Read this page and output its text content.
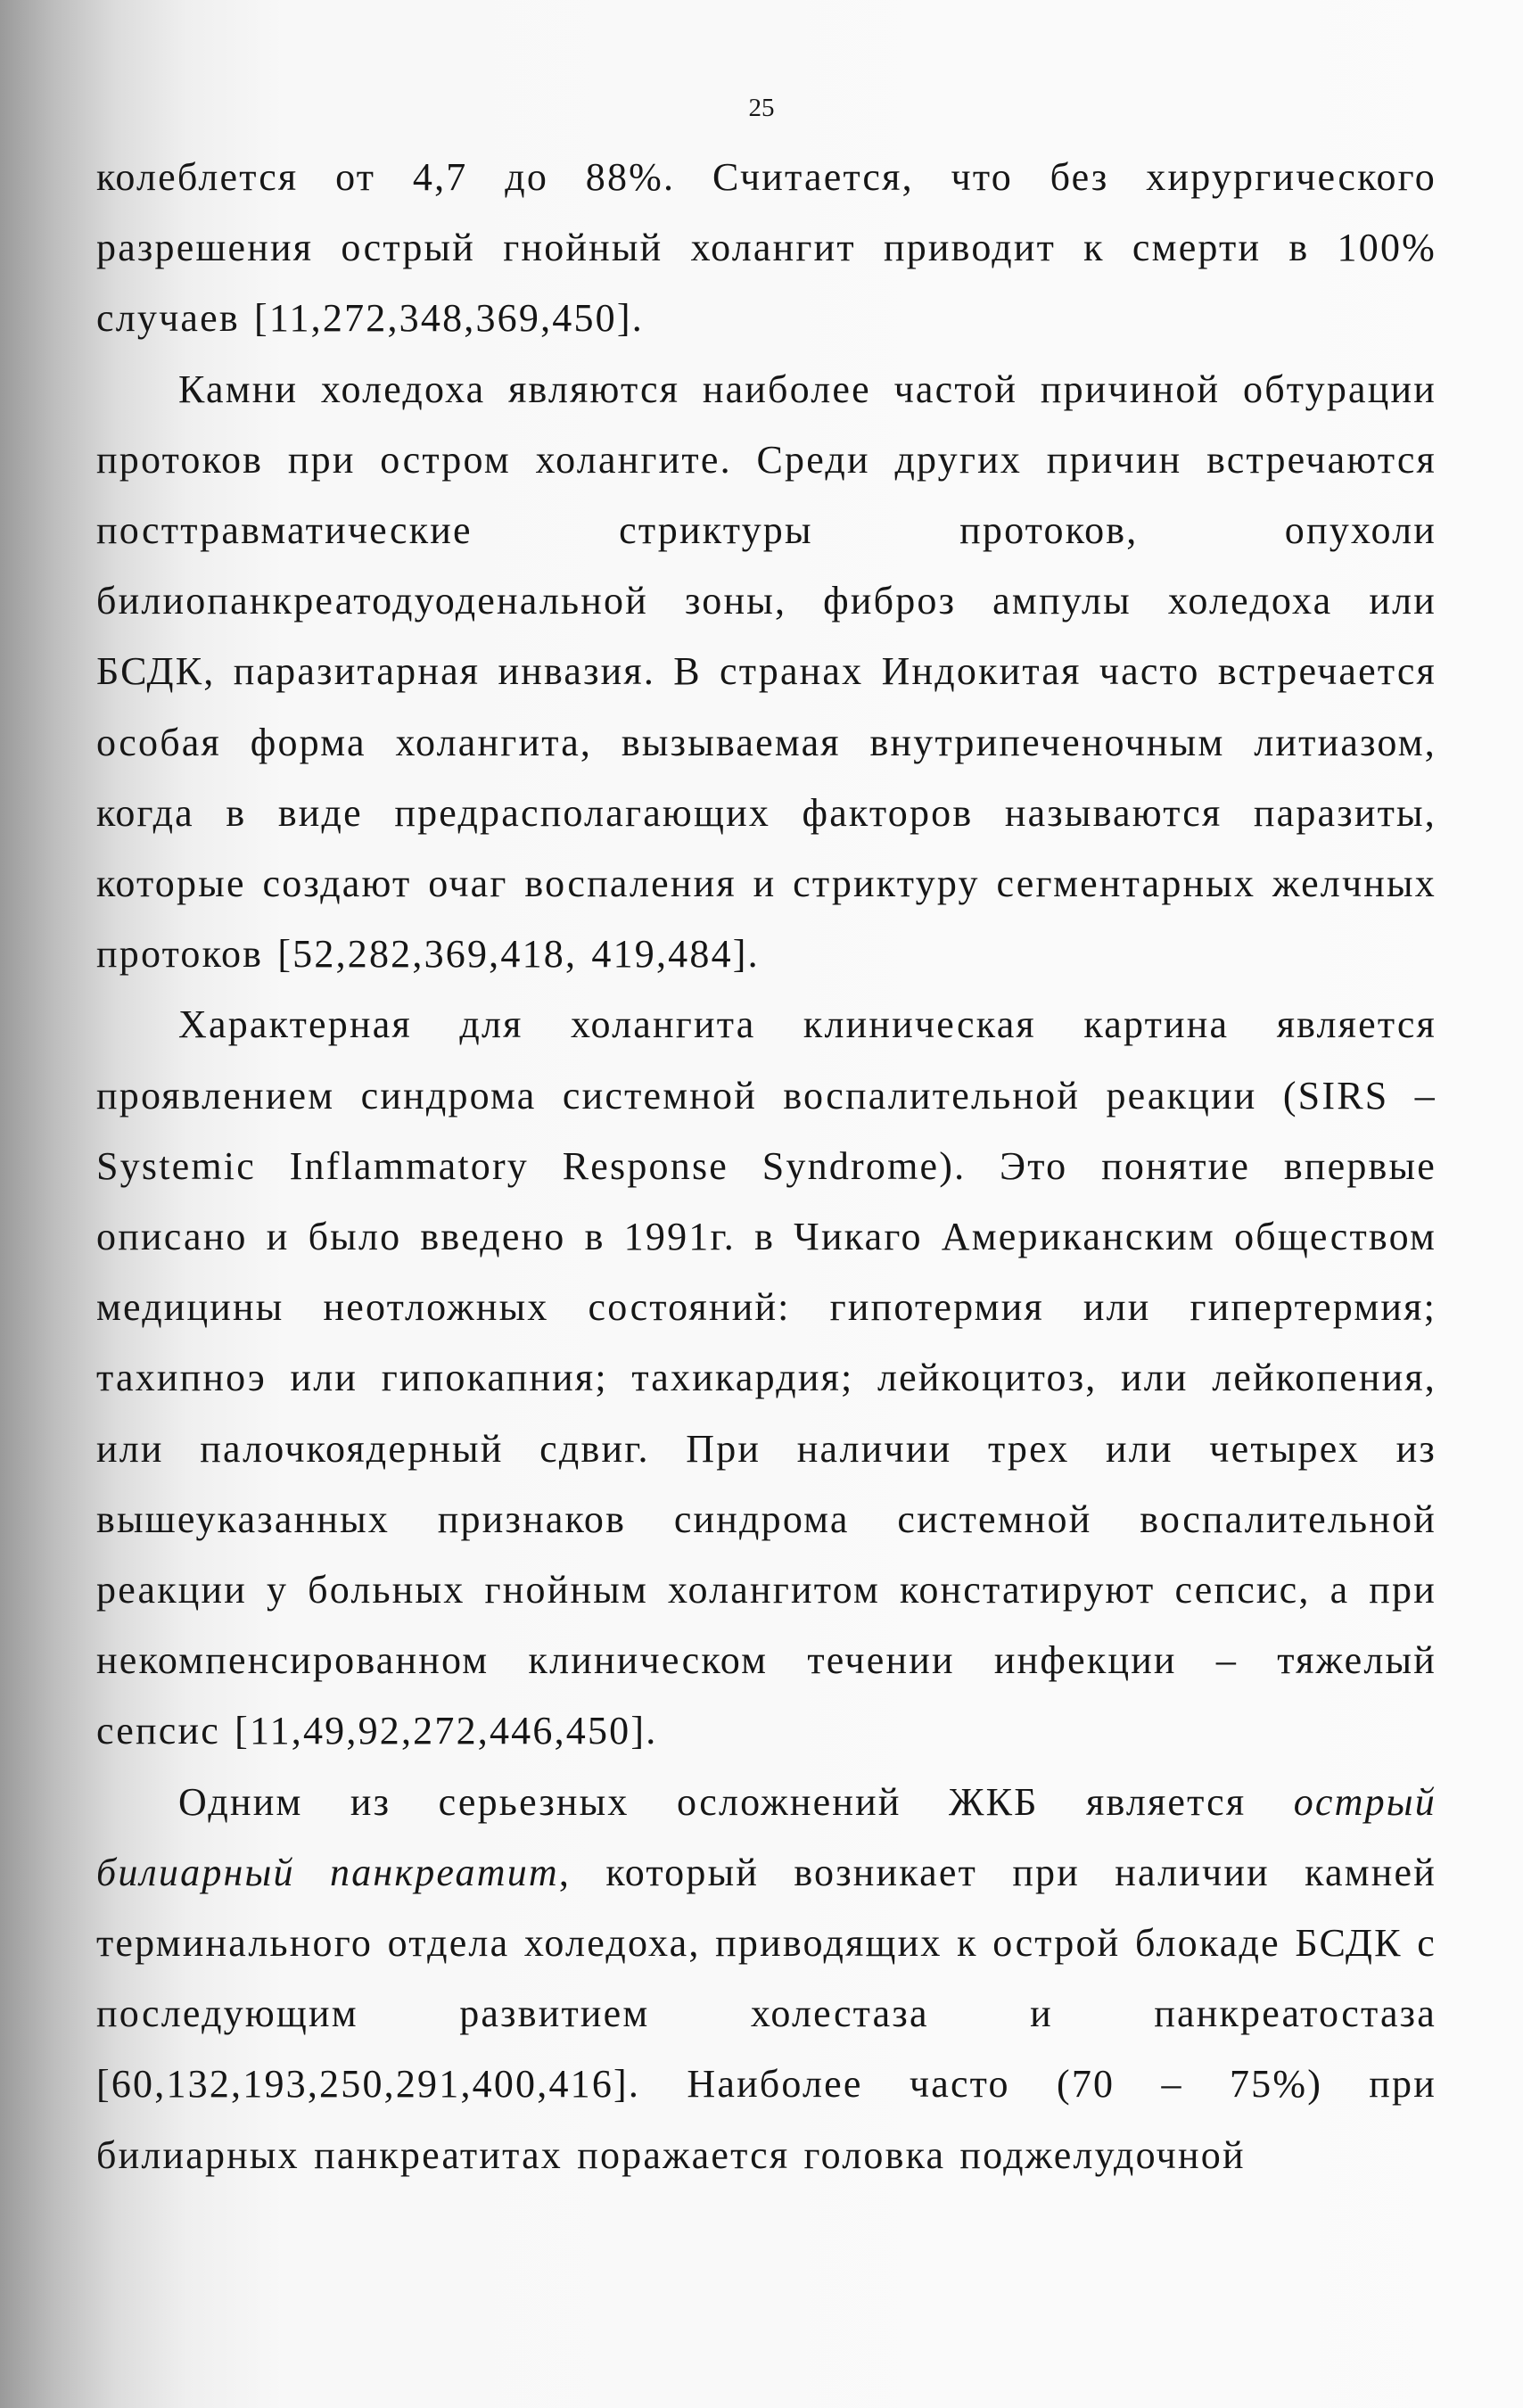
25

колеблется от 4,7 до 88%. Считается, что без хирургического разрешения острый гнойный холангит приводит к смерти в 100% случаев [11,272,348,369,450].

Камни холедоха являются наиболее частой причиной обтурации протоков при остром холангите. Среди других причин встречаются посттравматические стриктуры протоков, опухоли билиопанкреатодуоденальной зоны, фиброз ампулы холедоха или БСДК, паразитарная инвазия. В странах Индокитая часто встречается особая форма холангита, вызываемая внутрипеченочным литиазом, когда в виде предрасполагающих факторов называются паразиты, которые создают очаг воспаления и стриктуру сегментарных желчных протоков [52,282,369,418, 419,484].

Характерная для холангита клиническая картина является проявлением синдрома системной воспалительной реакции (SIRS – Systemic Inflammatory Response Syndrome). Это понятие впервые описано и было введено в 1991г. в Чикаго Американским обществом медицины неотложных состояний: гипотермия или гипертермия; тахипноэ или гипокапния; тахикардия; лейкоцитоз, или лейкопения, или палочкоядерный сдвиг. При наличии трех или четырех из вышеуказанных признаков синдрома системной воспалительной реакции у больных гнойным холангитом констатируют сепсис, а при некомпенсированном клиническом течении инфекции – тяжелый сепсис [11,49,92,272,446,450].

Одним из серьезных осложнений ЖКБ является острый билиарный панкреатит, который возникает при наличии камней терминального отдела холедоха, приводящих к острой блокаде БСДК с последующим развитием холестаза и панкреатостаза [60,132,193,250,291,400,416]. Наиболее часто (70 – 75%) при билиарных панкреатитах поражается головка поджелудочной
